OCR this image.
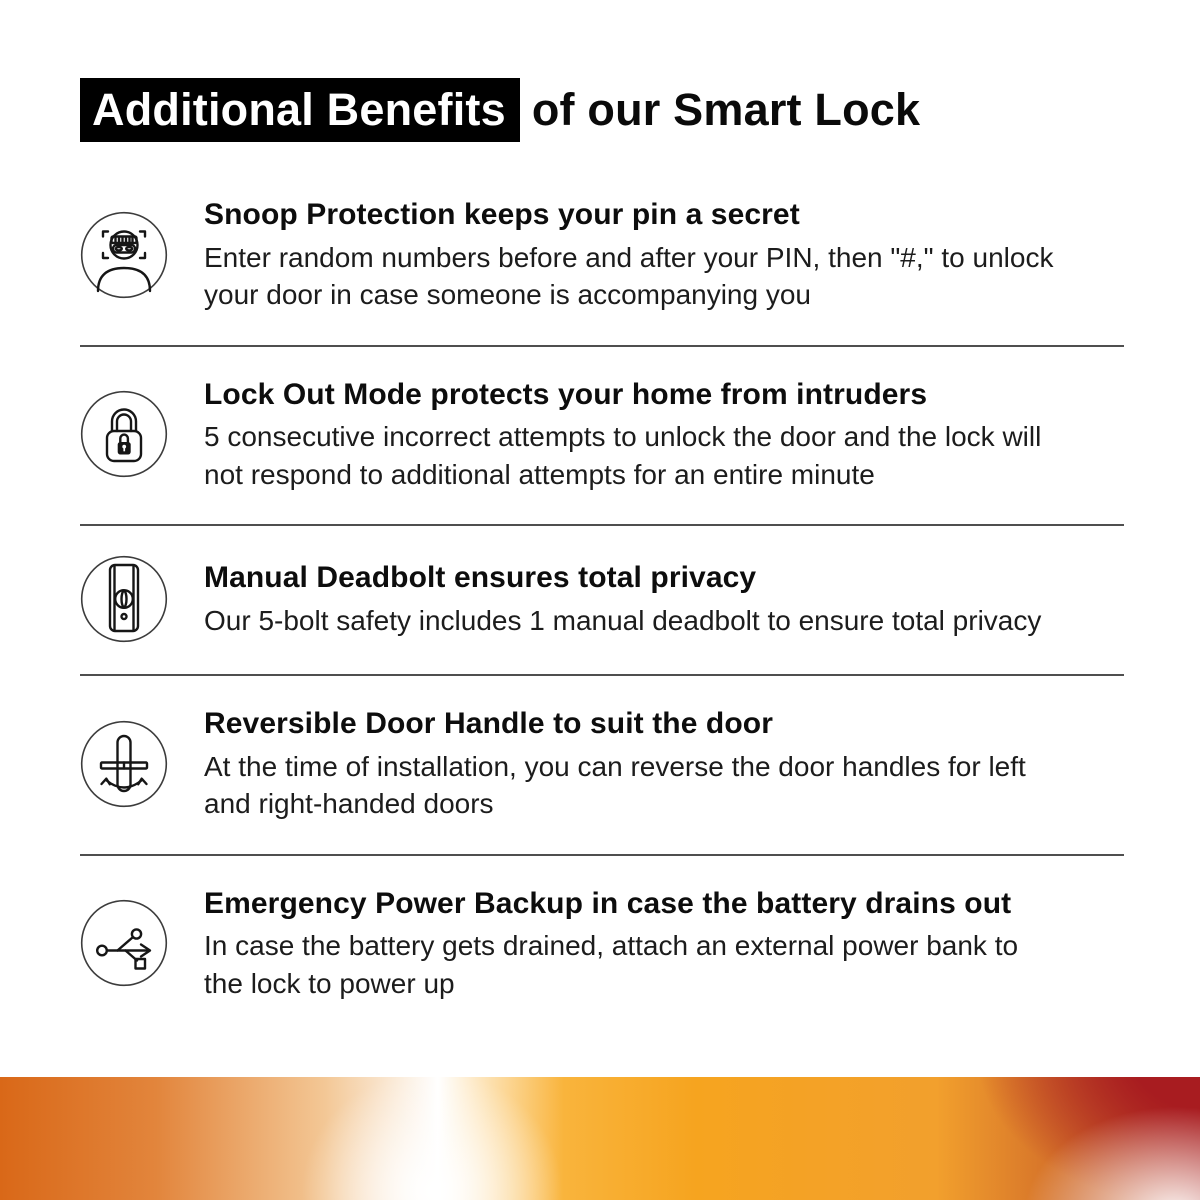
Additional Benefits of our Smart Lock
Snoop Protection keeps your pin a secret

Enter random numbers before and after your PIN, then "#," to unlock your door in case someone is accompanying you

Lock Out Mode protects your home from intruders

5 consecutive incorrect attempts to unlock the door and the lock will not respond to additional attempts for an entire minute

Manual Deadbolt ensures total privacy

Our 5-bolt safety includes 1 manual deadbolt to ensure total privacy

Reversible Door Handle to suit the door

At the time of installation, you can reverse the door handles for left and right-handed doors

Emergency Power Backup in case the battery drains out

In case the battery gets drained, attach an external power bank to the lock to power up
